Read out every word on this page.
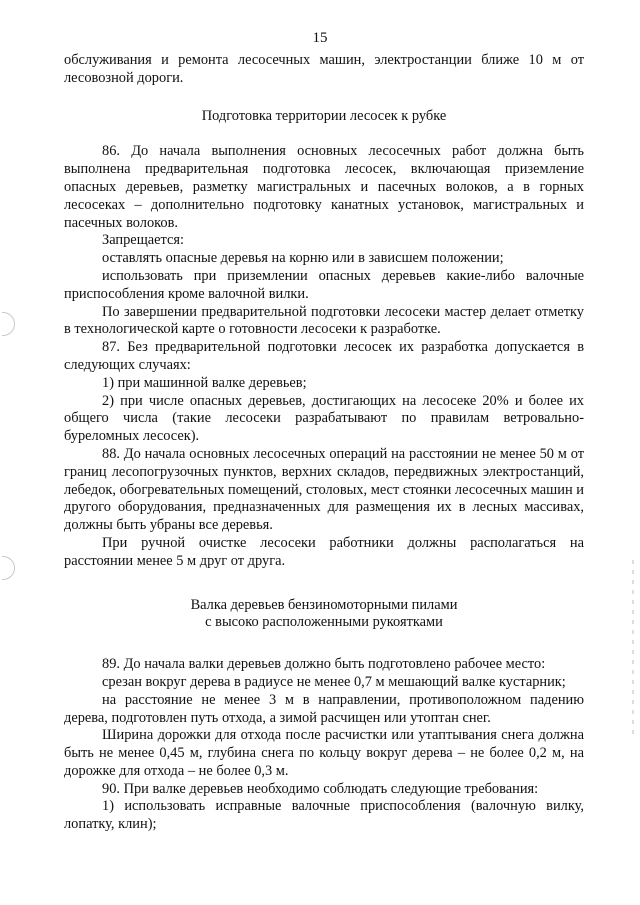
15

обслуживания и ремонта лесосечных машин, электростанции ближе 10 м от лесовозной дороги.

Подготовка территории лесосек к рубке

86. До начала выполнения основных лесосечных работ должна быть выполнена предварительная подготовка лесосек, включающая приземление опасных деревьев, разметку магистральных и пасечных волоков, а в горных лесосеках – дополнительно подготовку канатных установок, магистральных и пасечных волоков.

Запрещается:

оставлять опасные деревья на корню или в зависшем положении;

использовать при приземлении опасных деревьев какие-либо валочные приспособления кроме валочной вилки.

По завершении предварительной подготовки лесосеки мастер делает отметку в технологической карте о готовности лесосеки к разработке.

87. Без предварительной подготовки лесосек их разработка допускается в следующих случаях:

1) при машинной валке деревьев;

2) при числе опасных деревьев, достигающих на лесосеке 20% и более их общего числа (такие лесосеки разрабатывают по правилам ветровально-буреломных лесосек).

88. До начала основных лесосечных операций на расстоянии не менее 50 м от границ лесопогрузочных пунктов, верхних складов, передвижных электростанций, лебедок, обогревательных помещений, столовых, мест стоянки лесосечных машин и другого оборудования, предназначенных для размещения их в лесных массивах, должны быть убраны все деревья.

При ручной очистке лесосеки работники должны располагаться на расстоянии менее 5 м друг от друга.

Валка деревьев бензиномоторными пилами
с высоко расположенными рукоятками

89. До начала валки деревьев должно быть подготовлено рабочее место:

срезан вокруг дерева в радиусе не менее 0,7 м мешающий валке кустарник;

на расстояние не менее 3 м в направлении, противоположном падению дерева, подготовлен путь отхода, а зимой расчищен или утоптан снег.

Ширина дорожки для отхода после расчистки или утаптывания снега должна быть не менее 0,45 м, глубина снега по кольцу вокруг дерева – не более 0,2 м, на дорожке для отхода – не более 0,3 м.

90. При валке деревьев необходимо соблюдать следующие требования:

1) использовать исправные валочные приспособления (валочную вилку, лопатку, клин);
